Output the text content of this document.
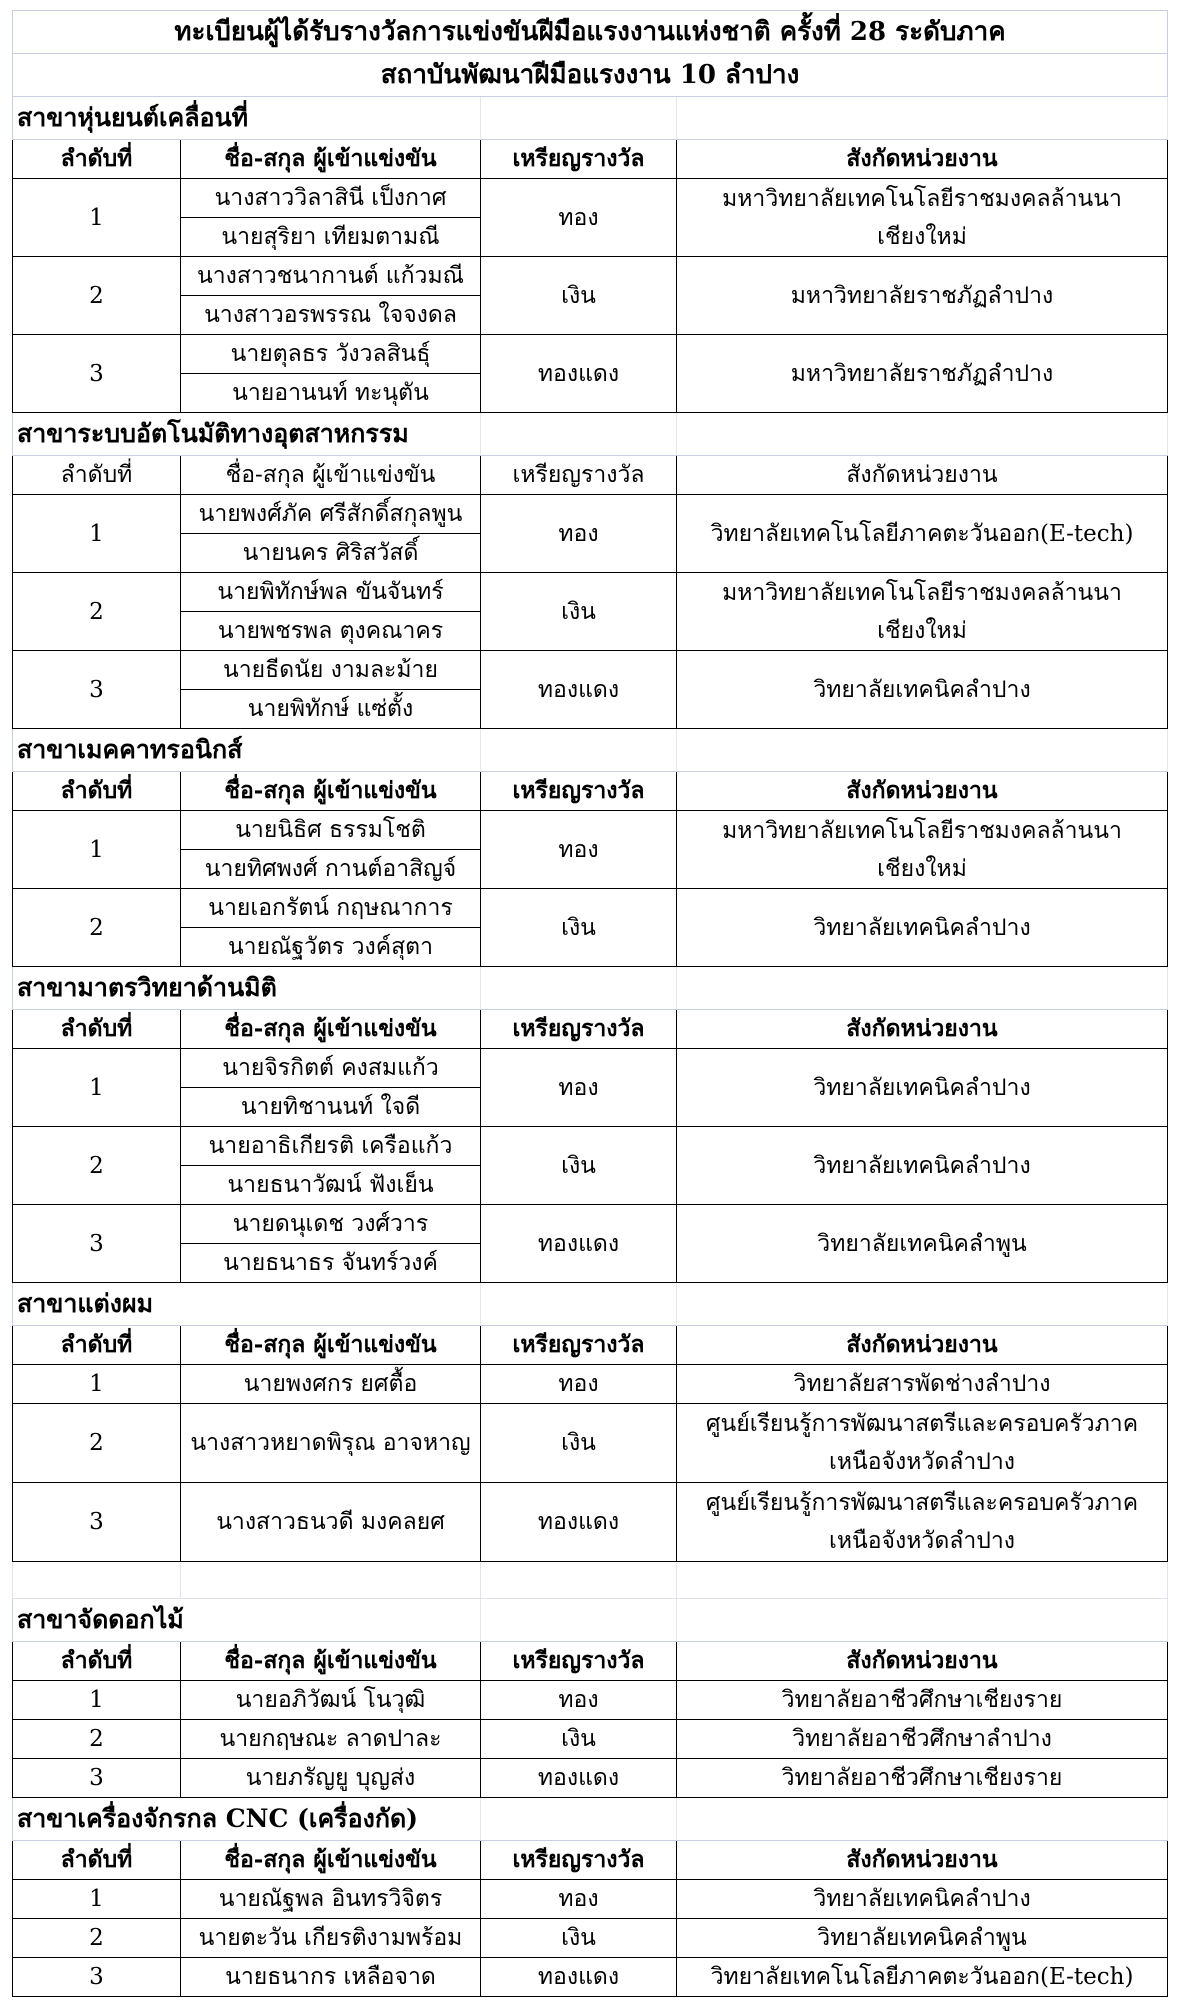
ทะเบียนผู้ได้รับรางวัลการแข่งขันฝีมือแรงงานแห่งชาติ ครั้งที่ 28 ระดับภาค			
สถาบันพัฒนาฝีมือแรงงาน 10 ลำปาง			
สาขาหุ่นยนต์เคลื่อนที่			
ลำดับที่	ชื่อ-สกุล ผู้เข้าแข่งขัน	เหรียญรางวัล	สังกัดหน่วยงาน
1	นางสาววิลาสินี เป็งกาศ	ทอง	มหาวิทยาลัยเทคโนโลยีราชมงคลล้านนา เชียงใหม่
	นายสุริยา เทียมตามณี		
2	นางสาวชนากานต์ แก้วมณี	เงิน	มหาวิทยาลัยราชภัฏลำปาง
	นางสาวอรพรรณ ใจจงดล		
3	นายตุลธร วังวลสินธุ์	ทองแดง	มหาวิทยาลัยราชภัฏลำปาง
	นายอานนท์ ทะนุตัน		
สาขาระบบอัตโนมัติทางอุตสาหกรรม			
ลำดับที่	ชื่อ-สกุล ผู้เข้าแข่งขัน	เหรียญรางวัล	สังกัดหน่วยงาน
1	นายพงศ์ภัค ศรีสักดิ์สกุลพูน	ทอง	วิทยาลัยเทคโนโลยีภาคตะวันออก(E-tech)
	นายนคร ศิริสวัสดิ์		
2	นายพิทักษ์พล ขันจันทร์	เงิน	มหาวิทยาลัยเทคโนโลยีราชมงคลล้านนา เชียงใหม่
	นายพชรพล ตุงคณาคร		
3	นายธีดนัย งามละม้าย	ทองแดง	วิทยาลัยเทคนิคลำปาง
	นายพิทักษ์ แซ่ตั้ง		
สาขาเมคคาทรอนิกส์			
ลำดับที่	ชื่อ-สกุล ผู้เข้าแข่งขัน	เหรียญรางวัล	สังกัดหน่วยงาน
1	นายนิธิศ ธรรมโชติ	ทอง	มหาวิทยาลัยเทคโนโลยีราชมงคลล้านนา เชียงใหม่
	นายทิศพงศ์ กานต์อาสิญจ์		
2	นายเอกรัตน์ กฤษณาการ	เงิน	วิทยาลัยเทคนิคลำปาง
	นายณัฐวัตร วงค์สุตา		
สาขามาตรวิทยาด้านมิติ			
ลำดับที่	ชื่อ-สกุล ผู้เข้าแข่งขัน	เหรียญรางวัล	สังกัดหน่วยงาน
1	นายจิรกิตต์ คงสมแก้ว	ทอง	วิทยาลัยเทคนิคลำปาง
	นายทิชานนท์ ใจดี		
2	นายอาธิเกียรติ เครือแก้ว	เงิน	วิทยาลัยเทคนิคลำปาง
	นายธนาวัฒน์ ฟังเย็น		
3	นายดนุเดช วงศ์วาร	ทองแดง	วิทยาลัยเทคนิคลำพูน
	นายธนาธร จันทร์วงค์		
สาขาแต่งผม			
ลำดับที่	ชื่อ-สกุล ผู้เข้าแข่งขัน	เหรียญรางวัล	สังกัดหน่วยงาน
1	นายพงศกร ยศตื้อ	ทอง	วิทยาลัยสารพัดช่างลำปาง
2	นางสาวหยาดพิรุณ อาจหาญ	เงิน	ศูนย์เรียนรู้การพัฒนาสตรีและครอบครัวภาคเหนือจังหวัดลำปาง
3	นางสาวธนวดี มงคลยศ	ทองแดง	ศูนย์เรียนรู้การพัฒนาสตรีและครอบครัวภาคเหนือจังหวัดลำปาง

สาขาจัดดอกไม้			
ลำดับที่	ชื่อ-สกุล ผู้เข้าแข่งขัน	เหรียญรางวัล	สังกัดหน่วยงาน
1	นายอภิวัฒน์ โนวุฒิ	ทอง	วิทยาลัยอาชีวศึกษาเชียงราย
2	นายกฤษณะ ลาดปาละ	เงิน	วิทยาลัยอาชีวศึกษาลำปาง
3	นายภรัญยู บุญส่ง	ทองแดง	วิทยาลัยอาชีวศึกษาเชียงราย
สาขาเครื่องจักรกล CNC (เครื่องกัด)			
ลำดับที่	ชื่อ-สกุล ผู้เข้าแข่งขัน	เหรียญรางวัล	สังกัดหน่วยงาน
1	นายณัฐพล อินทรวิจิตร	ทอง	วิทยาลัยเทคนิคลำปาง
2	นายตะวัน เกียรติงามพร้อม	เงิน	วิทยาลัยเทคนิคลำพูน
3	นายธนากร เหลือจาด	ทองแดง	วิทยาลัยเทคโนโลยีภาคตะวันออก(E-tech)
